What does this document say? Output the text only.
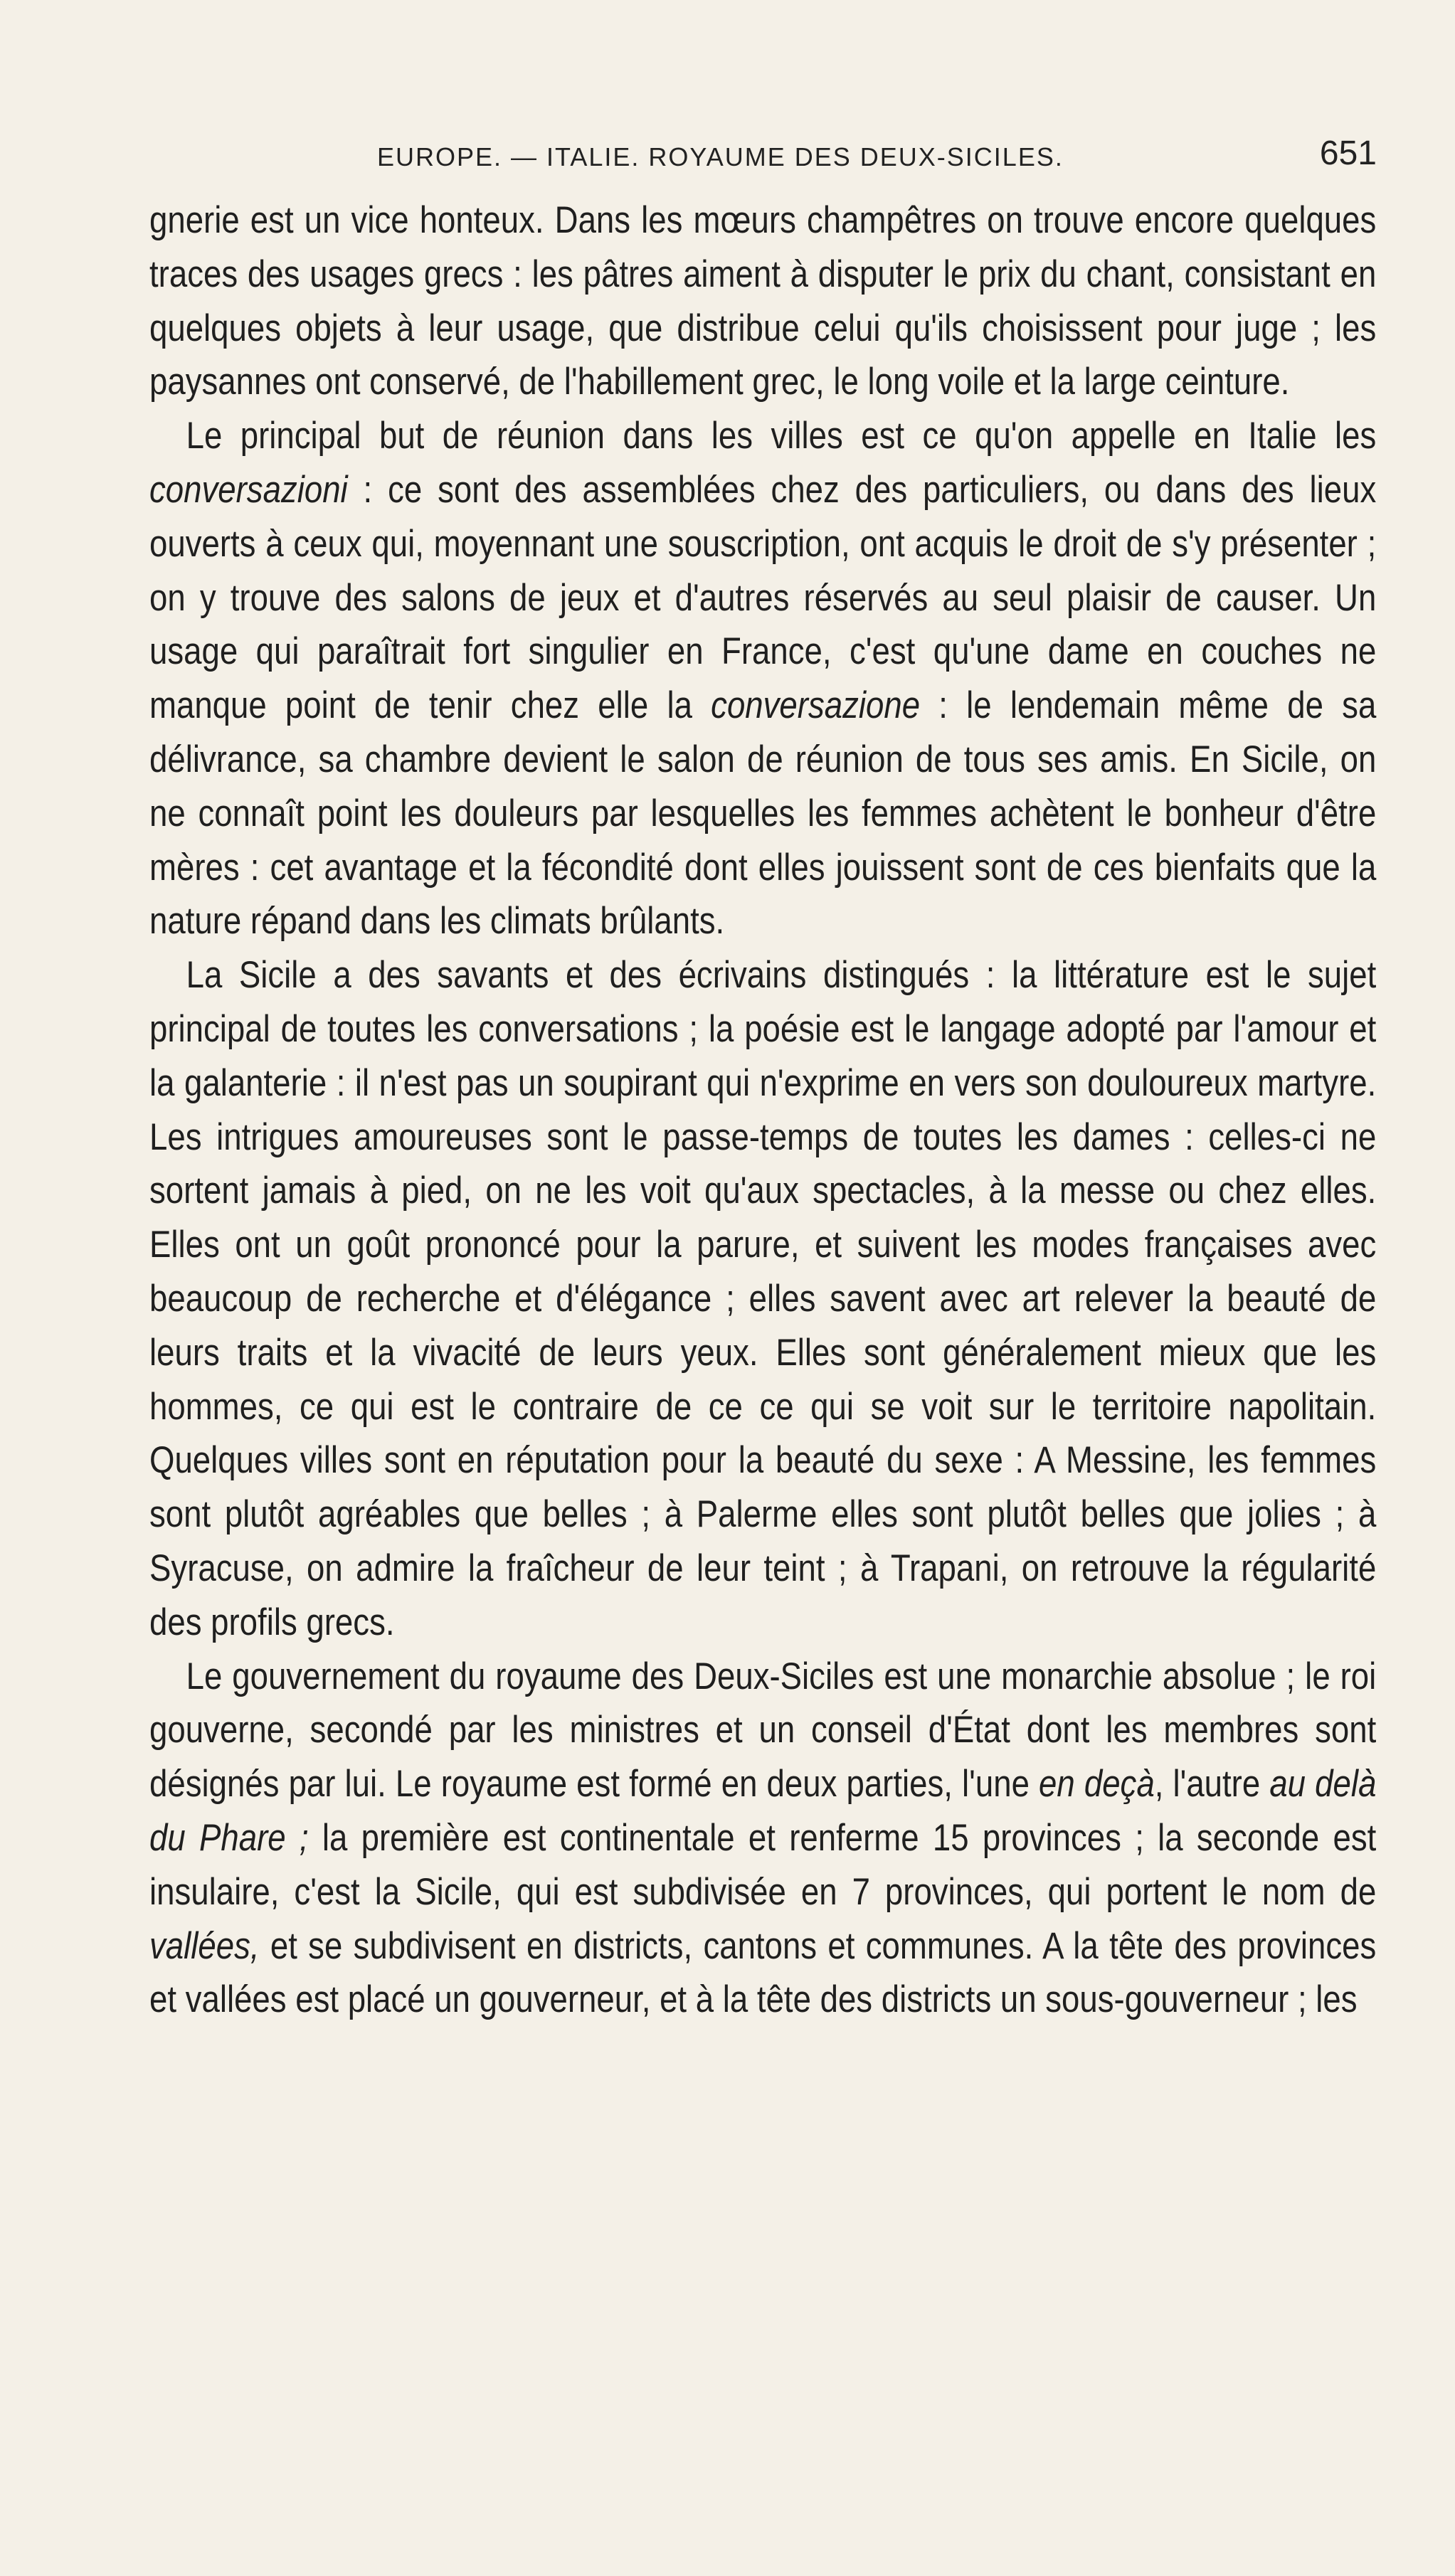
EUROPE. — ITALIE. ROYAUME DES DEUX-SICILES.	651

gnerie est un vice honteux. Dans les mœurs champêtres on trouve encore quelques traces des usages grecs : les pâtres aiment à disputer le prix du chant, consistant en quelques objets à leur usage, que distribue celui qu'ils choisissent pour juge ; les paysannes ont conservé, de l'habillement grec, le long voile et la large ceinture.

Le principal but de réunion dans les villes est ce qu'on appelle en Italie les conversazioni : ce sont des assemblées chez des particuliers, ou dans des lieux ouverts à ceux qui, moyennant une souscription, ont acquis le droit de s'y présenter ; on y trouve des salons de jeux et d'autres réservés au seul plaisir de causer. Un usage qui paraîtrait fort singulier en France, c'est qu'une dame en couches ne manque point de tenir chez elle la conversazione : le lendemain même de sa délivrance, sa chambre devient le salon de réunion de tous ses amis. En Sicile, on ne connaît point les douleurs par lesquelles les femmes achètent le bonheur d'être mères : cet avantage et la fécondité dont elles jouissent sont de ces bienfaits que la nature répand dans les climats brûlants.

La Sicile a des savants et des écrivains distingués : la littérature est le sujet principal de toutes les conversations ; la poésie est le langage adopté par l'amour et la galanterie : il n'est pas un soupirant qui n'exprime en vers son douloureux martyre. Les intrigues amoureuses sont le passe-temps de toutes les dames : celles-ci ne sortent jamais à pied, on ne les voit qu'aux spectacles, à la messe ou chez elles. Elles ont un goût prononcé pour la parure, et suivent les modes françaises avec beaucoup de recherche et d'élégance ; elles savent avec art relever la beauté de leurs traits et la vivacité de leurs yeux. Elles sont généralement mieux que les hommes, ce qui est le contraire de ce ce qui se voit sur le territoire napolitain. Quelques villes sont en réputation pour la beauté du sexe : A Messine, les femmes sont plutôt agréables que belles ; à Palerme elles sont plutôt belles que jolies ; à Syracuse, on admire la fraîcheur de leur teint ; à Trapani, on retrouve la régularité des profils grecs.

Le gouvernement du royaume des Deux-Siciles est une monarchie absolue ; le roi gouverne, secondé par les ministres et un conseil d'État dont les membres sont désignés par lui. Le royaume est formé en deux parties, l'une en deçà, l'autre au delà du Phare ; la première est continentale et renferme 15 provinces ; la seconde est insulaire, c'est la Sicile, qui est subdivisée en 7 provinces, qui portent le nom de vallées, et se subdivisent en districts, cantons et communes. A la tête des provinces et vallées est placé un gouverneur, et à la tête des districts un sous-gouverneur ; les
